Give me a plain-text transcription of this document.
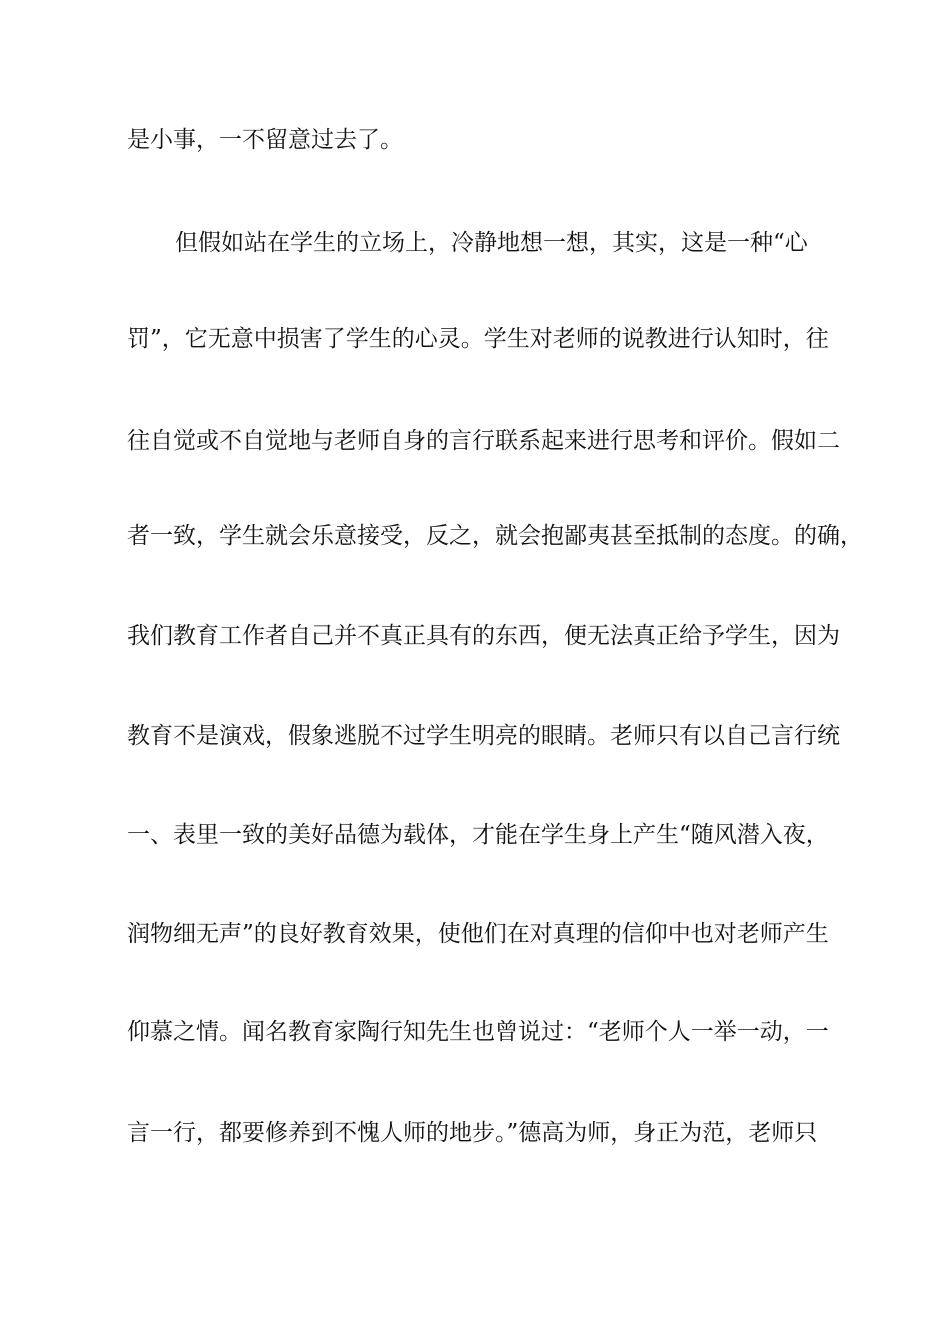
是小事，一不留意过去了。
但假如站在学生的立场上，冷静地想一想，其实，这是一种“心
罚”，它无意中损害了学生的心灵。学生对老师的说教进行认知时，往
往自觉或不自觉地与老师自身的言行联系起来进行思考和评价。假如二
者一致，学生就会乐意接受，反之，就会抱鄙夷甚至抵制的态度。的确，
我们教育工作者自己并不真正具有的东西，便无法真正给予学生，因为
教育不是演戏，假象逃脱不过学生明亮的眼睛。老师只有以自己言行统
一、表里一致的美好品德为载体，才能在学生身上产生“随风潜入夜，
润物细无声”的良好教育效果，使他们在对真理的信仰中也对老师产生
仰慕之情。闻名教育家陶行知先生也曾说过：“老师个人一举一动，一
言一行，都要修养到不愧人师的地步。”德高为师，身正为范，老师只
